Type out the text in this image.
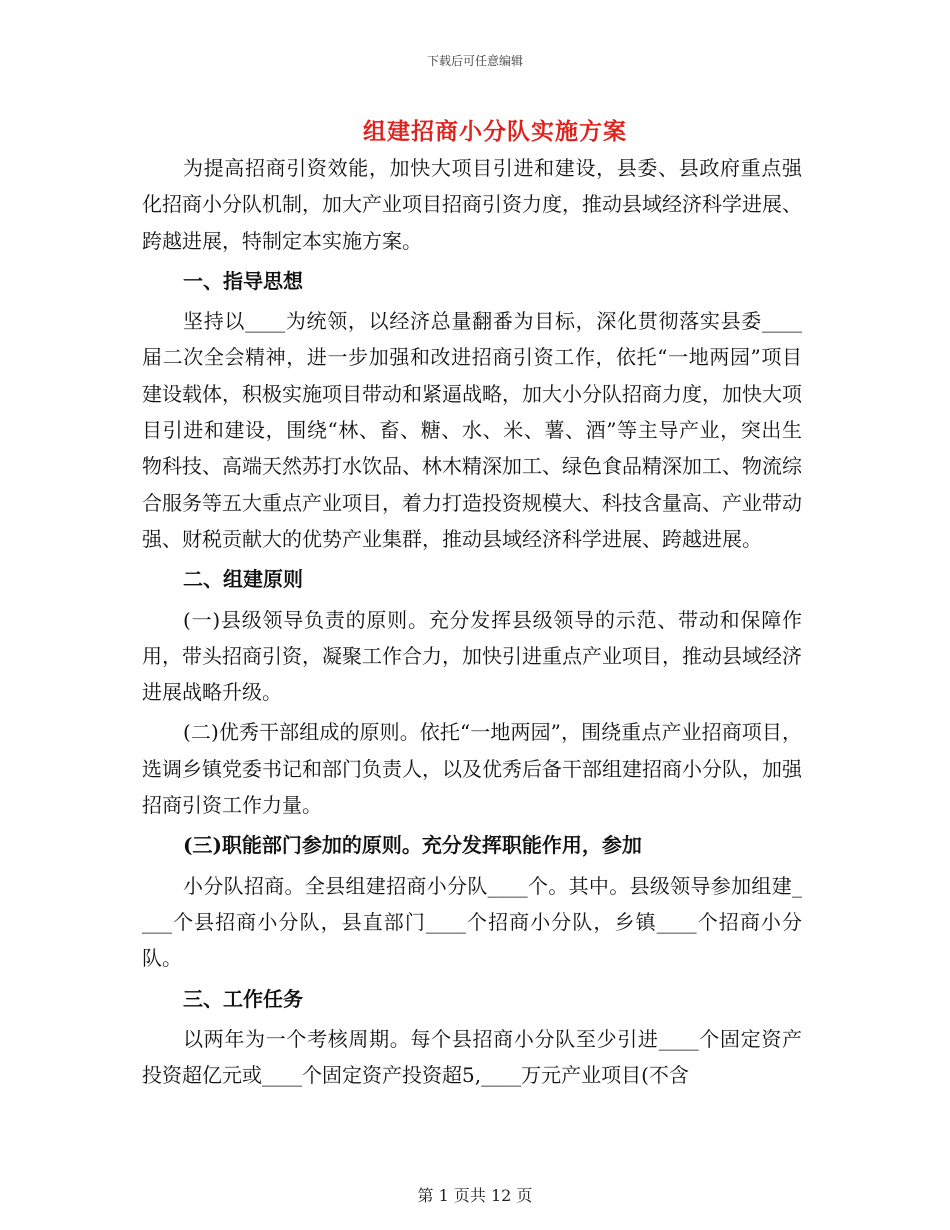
下载后可任意编辑
组建招商小分队实施方案

为提高招商引资效能，加快大项目引进和建设，县委、县政府重点强化招商小分队机制，加大产业项目招商引资力度，推动县域经济科学进展、跨越进展，特制定本实施方案。

一、指导思想

坚持以____为统领，以经济总量翻番为目标，深化贯彻落实县委____届二次全会精神，进一步加强和改进招商引资工作，依托“一地两园”项目建设载体，积极实施项目带动和紧逼战略，加大小分队招商力度，加快大项目引进和建设，围绕“林、畜、糖、水、米、薯、酒”等主导产业，突出生物科技、高端天然苏打水饮品、林木精深加工、绿色食品精深加工、物流综合服务等五大重点产业项目，着力打造投资规模大、科技含量高、产业带动强、财税贡献大的优势产业集群，推动县域经济科学进展、跨越进展。

二、组建原则

(一)县级领导负责的原则。充分发挥县级领导的示范、带动和保障作用，带头招商引资，凝聚工作合力，加快引进重点产业项目，推动县域经济进展战略升级。

(二)优秀干部组成的原则。依托“一地两园”，围绕重点产业招商项目，选调乡镇党委书记和部门负责人，以及优秀后备干部组建招商小分队，加强招商引资工作力量。

(三)职能部门参加的原则。充分发挥职能作用，参加

小分队招商。全县组建招商小分队____个。其中。县级领导参加组建____个县招商小分队，县直部门____个招商小分队，乡镇____个招商小分队。

三、工作任务

以两年为一个考核周期。每个县招商小分队至少引进____个固定资产投资超亿元或____个固定资产投资超5,____万元产业项目(不含

第 1 页共 12 页
